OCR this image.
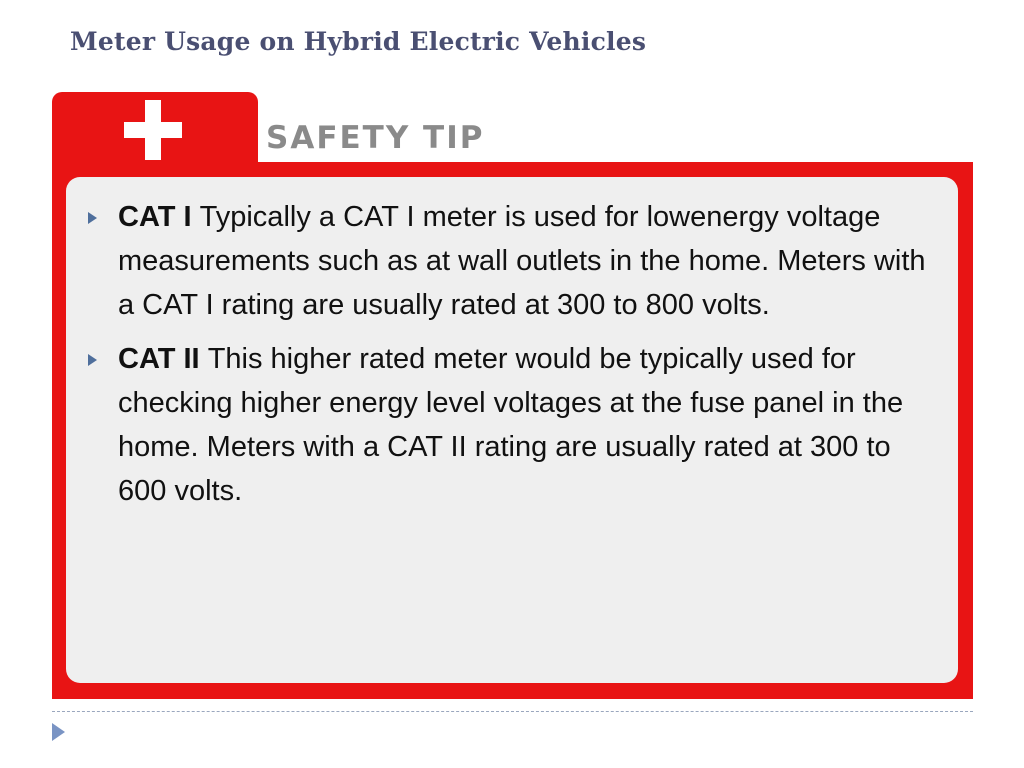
Meter Usage on Hybrid Electric Vehicles
SAFETY TIP
CAT I Typically a CAT I meter is used for lowenergy voltage measurements such as at wall outlets in the home. Meters with a CAT I rating are usually rated at 300 to 800 volts.
CAT II This higher rated meter would be typically used for checking higher energy level voltages at the fuse panel in the home. Meters with a CAT II rating are usually rated at 300 to 600 volts.
